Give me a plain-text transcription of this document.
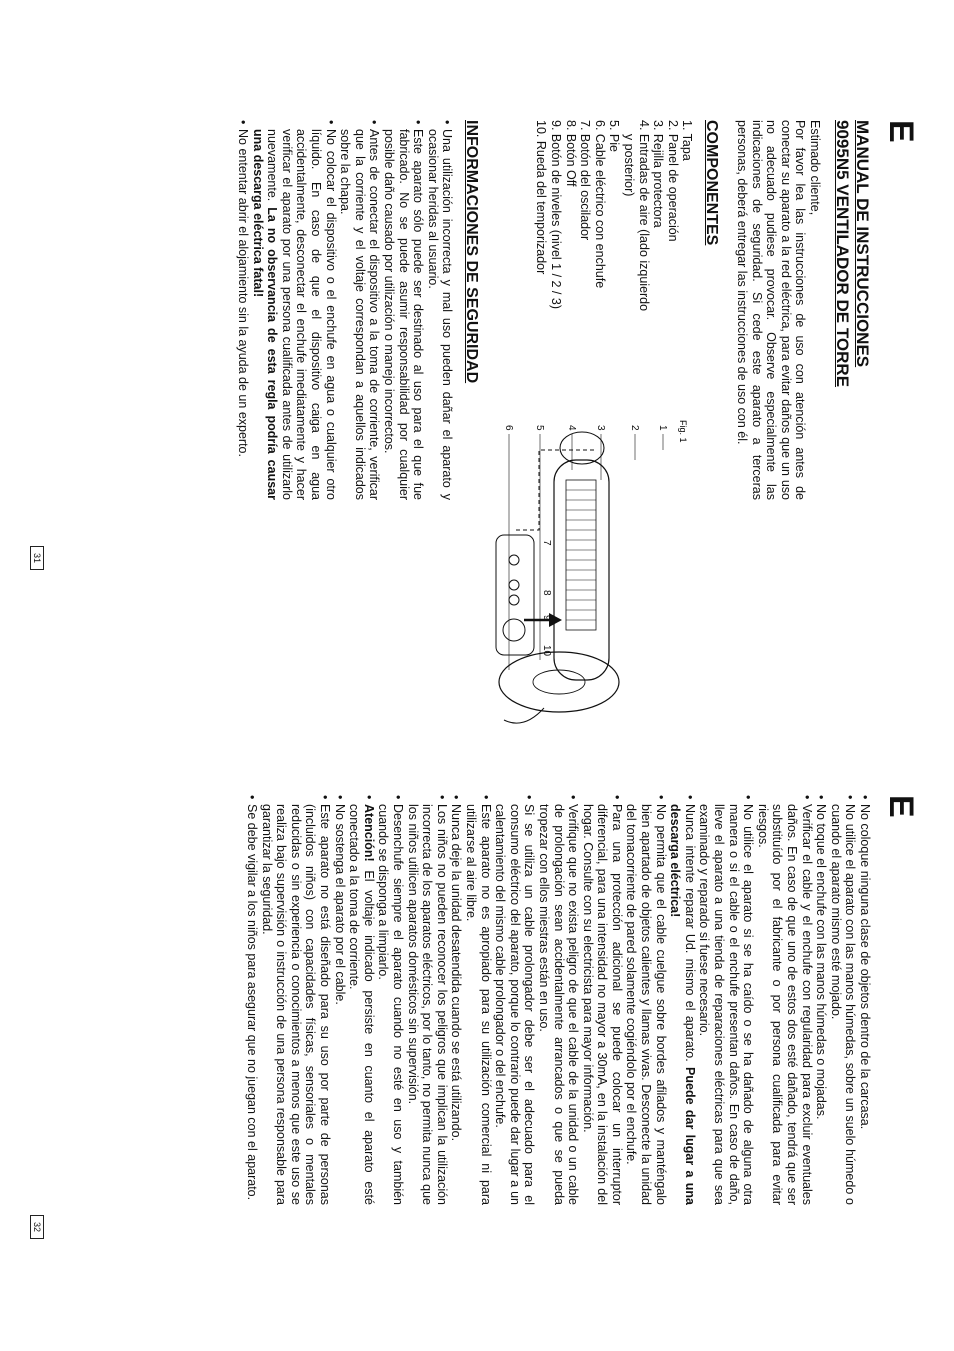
E
MANUAL DE INSTRUCCIONES
9095N5 VENTILADOR DE TORRE

Estimado cliente,

Por favor lea las instrucciones de uso con atención antes de conectar su aparato a la red eléctrica, para evitar daños que un uso no adecuado pudiese provocar. Observe especialmente las indicaciones de seguridad. Si cede este aparato a terceras personas, deberá entregar las instrucciones de uso con él.

COMPONENTES
1. Tapa
2. Panel de operación
3. Rejilla protectora
4. Entradas de aire (lado izquierdo
y posterior)
5. Pie
6. Cable eléctrico con enchufe
7. Botón del oscilador
8. Botón Off
9. Botón de niveles (nivel 1 / 2 / 3)
10. Rueda del temporizador
Fig. 1
1
2
3
4
5
6
7
8
9
10
INFORMACIONES DE SEGURIDAD
• Una utilización incorrecta y mal uso pueden dañar el aparato y ocasionar heridas al usuario.
• Este aparato sólo puede ser destinado al uso para el que fue fabricado. No se puede asumir responsabilidad por cualquier posible daño causado por utilización o manejo incorrectos.
• Antes de conectar el dispositivo a la toma de corriente, verificar que la corriente y el voltaje correspondan a aquellos indicados sobre la chapa.
• No colocar el dispositivo o el enchufe en agua o cualquier otro líquido. En caso de que el dispositivo caiga en agua accidentalmente, desconectar el enchufe imediatamente y hacer verificar el aparato por una persona cualificada antes de utilizarlo nuevamente. La no observancia de esta regla podría causar una descarga eléctrica fatal!
• No ententar abrir el alojamiento sin la ayuda de un experto.
31
E
• No coloque ninguna clase de objetos dentro de la carcasa.
• No utilice el aparato con las manos húmedas, sobre un suelo húmedo o cuando el aparato mismo esté mojado.
• No toque el enchufe con las manos húmedas o mojadas.
• Verificar el cable y el enchufe con regularidad para excluir eventuales daños. En caso de que uno de estos dos esté dañado, tendrá que ser substituído por el fabricante o por persona cualificada para evitar riesgos.
• No utilice el aparato si se ha caído o se ha dañado de alguna otra manera o si el cable o el enchufe presentan daños. En caso de daño, lleve el aparato a una tienda de reparaciones eléctricas para que sea examinado y reparado si fuese necesario.
• Nunca intente reparar Ud. mismo el aparato. Puede dar lugar a una descarga eléctrica!
• No permita que el cable cuelgue sobre bordes afilados y manténgalo bien apartado de objetos calientes y llamas vivas. Desconecte la unidad del tomacorriente de pared solamente cogiéndolo por el enchufe.
• Para una protección adicional se puede colocar un interruptor diferencial, para una intensidad no mayor a 30mA, en la instalación del hogar. Consulte con su electricista para mayor información.
• Verifique que no exista peligro de que el cable de la unidad o un cable de prolongación sean accidentalmente arrancados o que se pueda tropezar con ellos miestras están en uso.
• Si se utiliza un cable prolongador debe ser el adecuado para el consumo eléctrico del aparato, porque lo contrario puede dar lugar a un calentamiento del mismo cable prolongador o del enchufe.
• Este aparato no es apropiado para su utilización comercial ni para utilizarse al aire libre.
• Nunca deje la unidad desatendida cuando se está utilizando.
• Los niños no pueden reconocer los peligros que implican la utilización incorrecta de los aparatos eléctricos, por lo tanto, no permita nunca que los niños utilicen aparatos domésticos sin supervisión.
• Desenchufe siempre el aparato cuando no esté en uso y también cuando se disponga a limpiarlo.
• Atención! El voltaje indicado persiste en cuanto el aparato esté conectado a la toma de corriente.
• No sostenga el aparato por el cable.
• Este aparato no está diseñado para su uso por parte de personas (incluidos niños) con capacidades físicas, sensoriales o mentales reducidas o sin experiencia o conocimientos a menos que este uso se realiza bajo supervisión o instrucción de una persona responsable para garantizar la seguridad.
• Se debe vigilar a los niños para asegurar que no juegan con el aparato.
32
